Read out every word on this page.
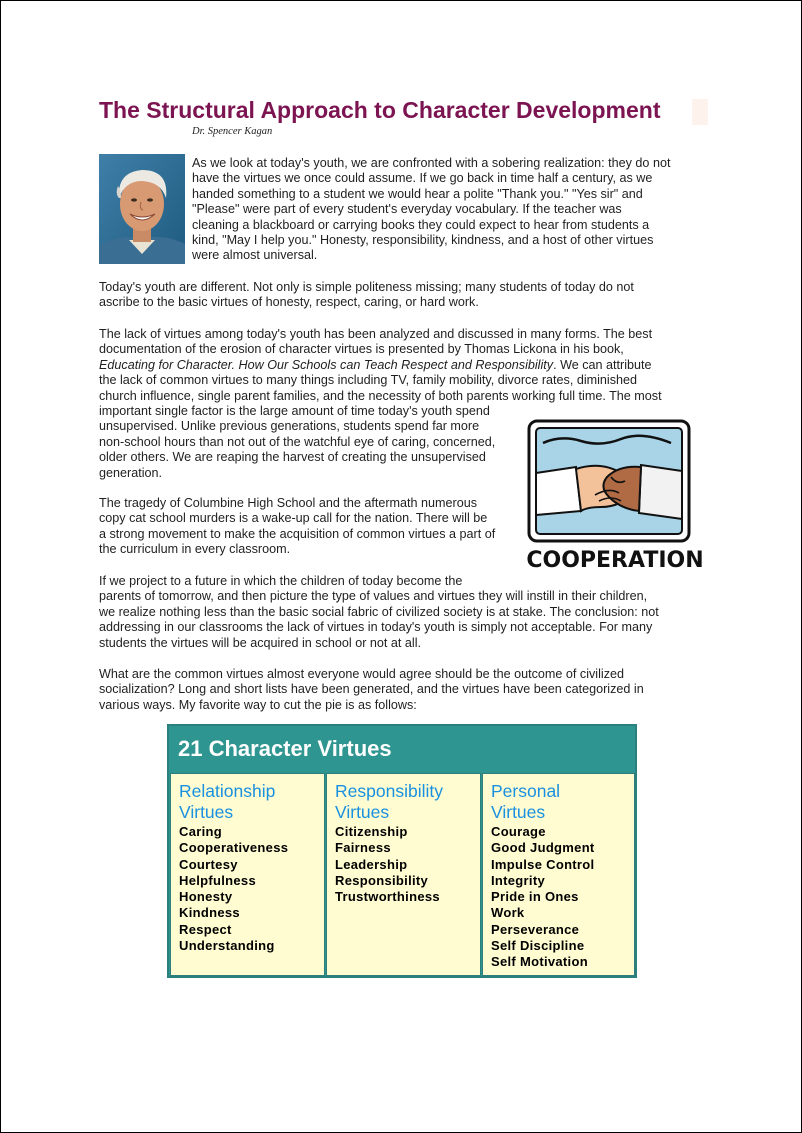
The Structural Approach to Character Development
Dr. Spencer Kagan
As we look at today's youth, we are confronted with a sobering realization: they do not
have the virtues we once could assume. If we go back in time half a century, as we
handed something to a student we would hear a polite "Thank you." "Yes sir" and
"Please" were part of every student's everyday vocabulary. If the teacher was
cleaning a blackboard or carrying books they could expect to hear from students a
kind, "May I help you." Honesty, responsibility, kindness, and a host of other virtues
were almost universal.
Today's youth are different. Not only is simple politeness missing; many students of today do not
ascribe to the basic virtues of honesty, respect, caring, or hard work.
The lack of virtues among today's youth has been analyzed and discussed in many forms. The best
documentation of the erosion of character virtues is presented by Thomas Lickona in his book,
Educating for Character. How Our Schools can Teach Respect and Responsibility. We can attribute
the lack of common virtues to many things including TV, family mobility, divorce rates, diminished
church influence, single parent families, and the necessity of both parents working full time. The most
important single factor is the large amount of time today's youth spend
unsupervised. Unlike previous generations, students spend far more
non-school hours than not out of the watchful eye of caring, concerned,
older others. We are reaping the harvest of creating the unsupervised
generation.
COOPERATION
The tragedy of Columbine High School and the aftermath numerous
copy cat school murders is a wake-up call for the nation. There will be
a strong movement to make the acquisition of common virtues a part of
the curriculum in every classroom.
If we project to a future in which the children of today become the
parents of tomorrow, and then picture the type of values and virtues they will instill in their children,
we realize nothing less than the basic social fabric of civilized society is at stake. The conclusion: not
addressing in our classrooms the lack of virtues in today's youth is simply not acceptable. For many
students the virtues will be acquired in school or not at all.
What are the common virtues almost everyone would agree should be the outcome of civilized
socialization? Long and short lists have been generated, and the virtues have been categorized in
various ways. My favorite way to cut the pie is as follows:
21 Character Virtues
Relationship
Virtues
Caring
Cooperativeness
Courtesy
Helpfulness
Honesty
Kindness
Respect
Understanding
Responsibility
Virtues
Citizenship
Fairness
Leadership
Responsibility
Trustworthiness
Personal
Virtues
Courage
Good Judgment
Impulse Control
Integrity
Pride in Ones
Work
Perseverance
Self Discipline
Self Motivation
